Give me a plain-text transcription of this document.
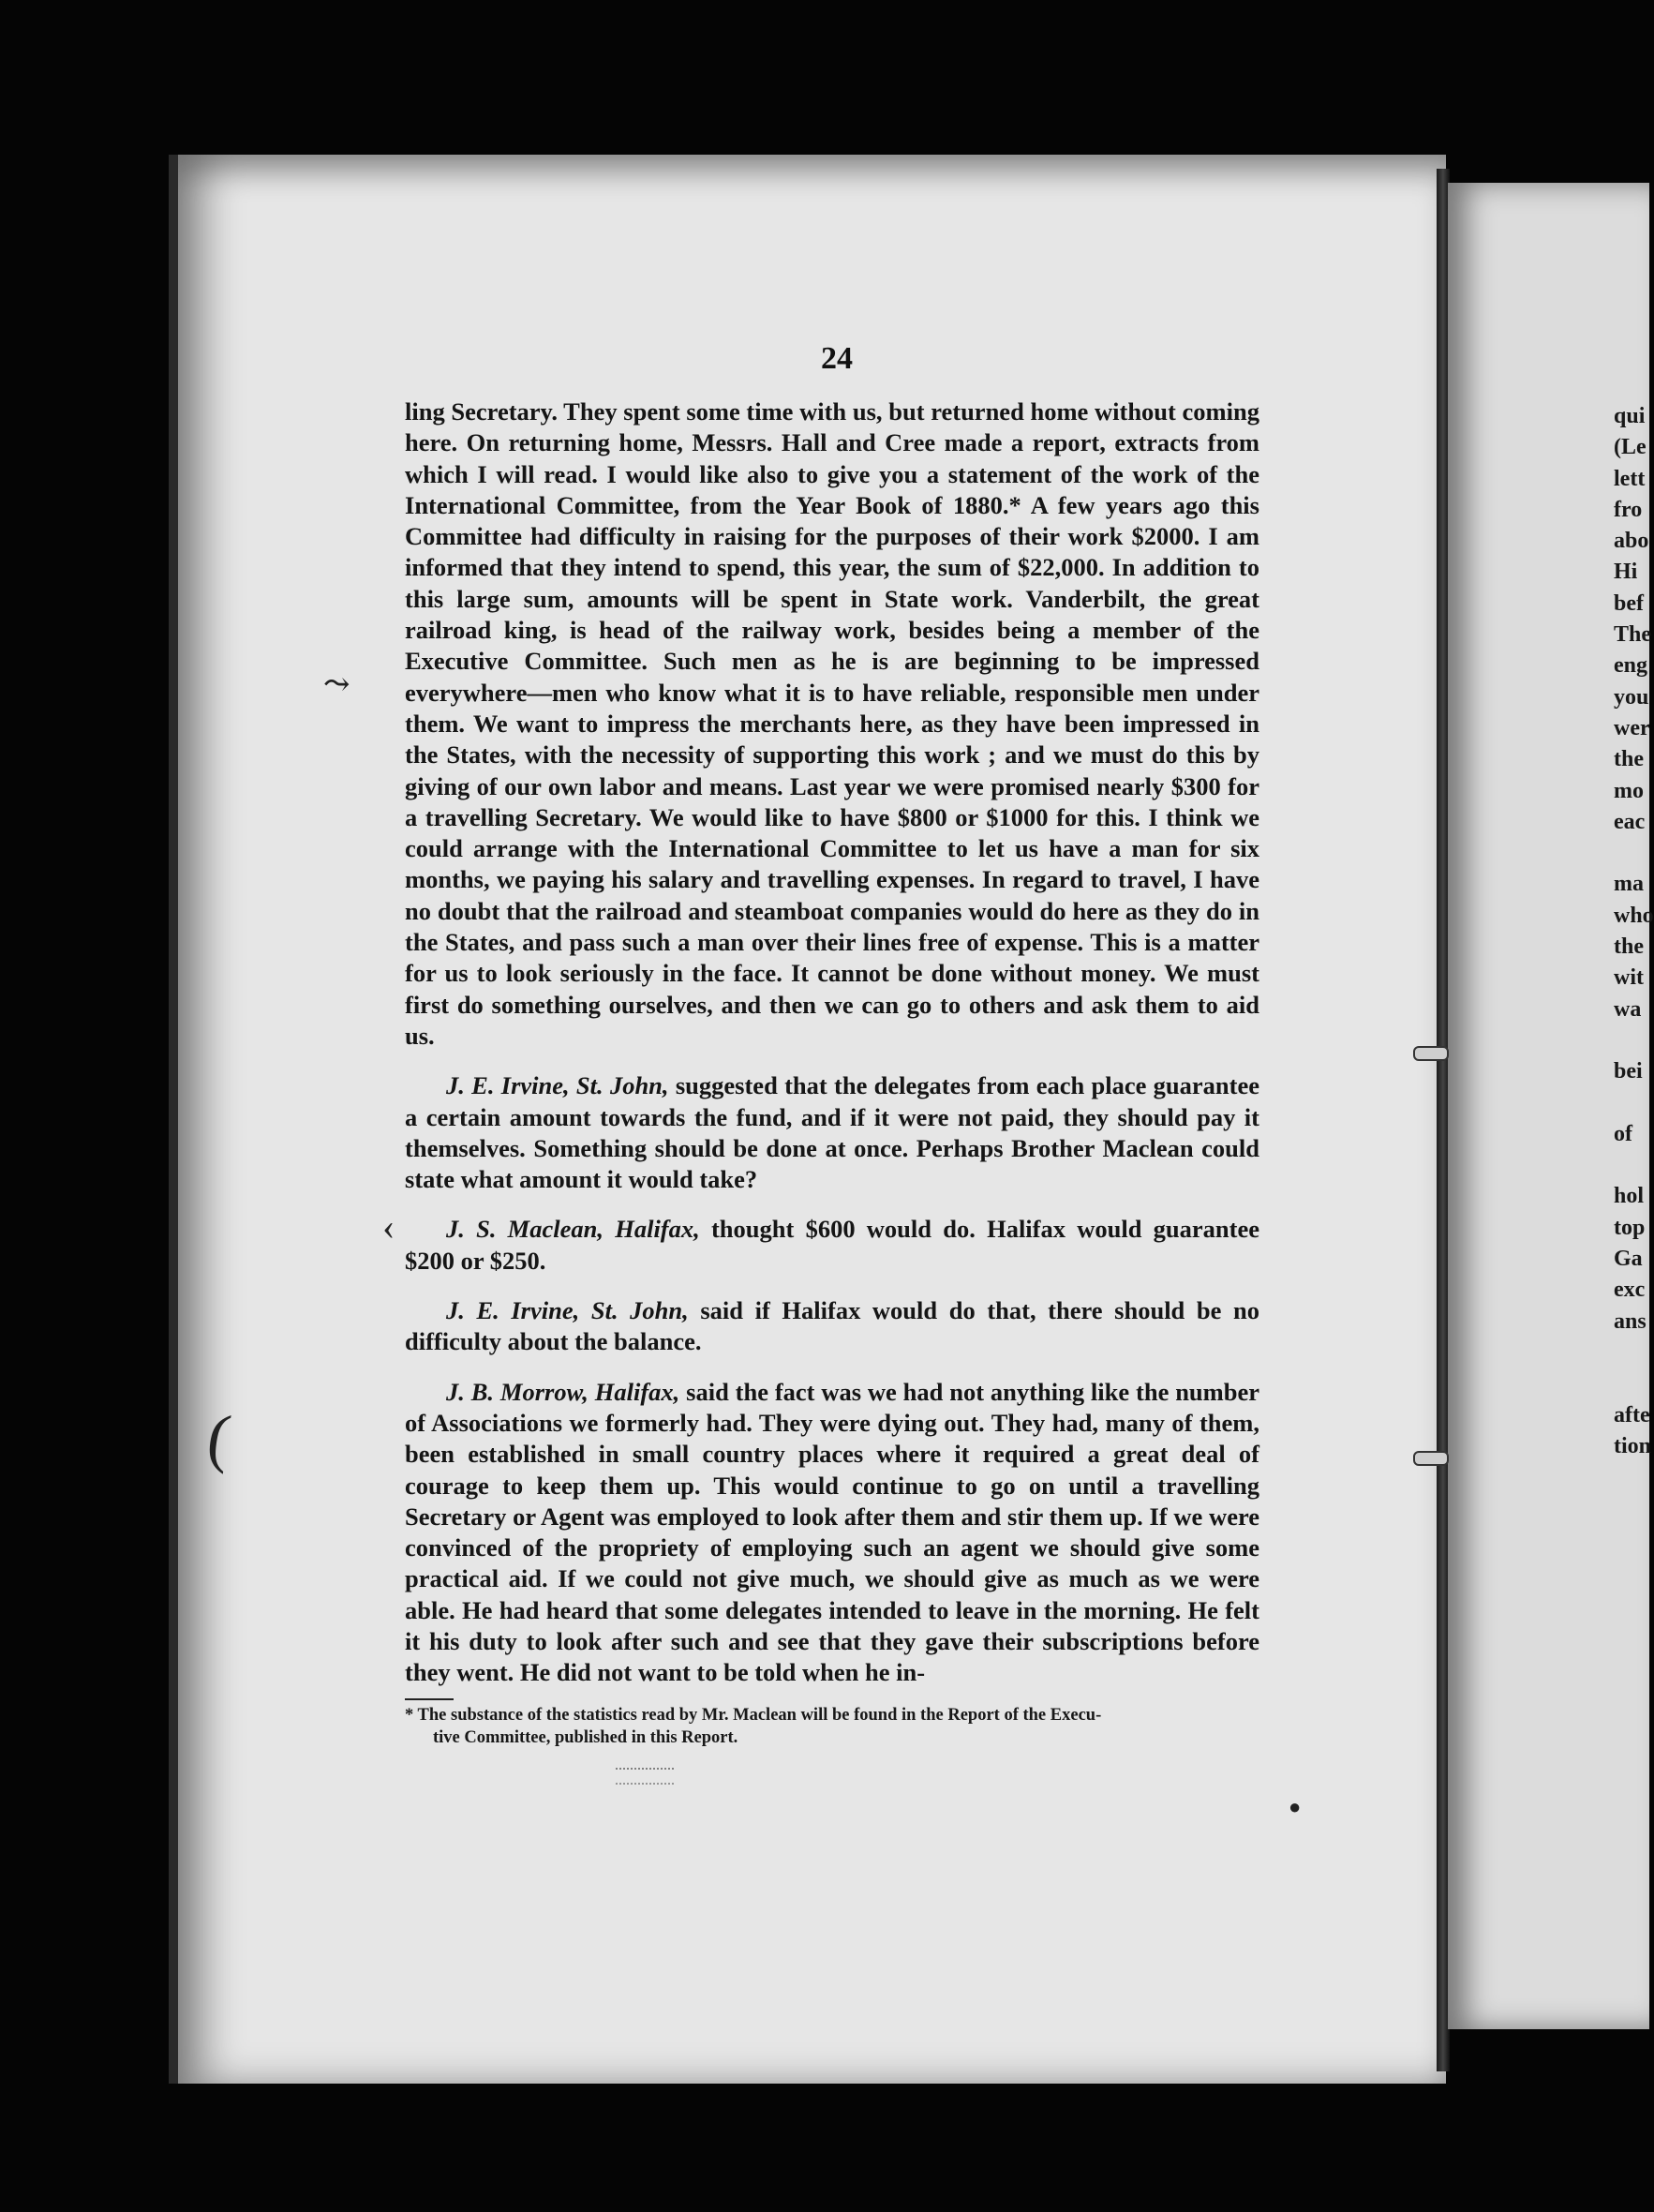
24

ling Secretary. They spent some time with us, but returned home without coming here. On returning home, Messrs. Hall and Cree made a report, extracts from which I will read. I would like also to give you a statement of the work of the International Committee, from the Year Book of 1880.* A few years ago this Committee had difficulty in raising for the purposes of their work $2000. I am informed that they intend to spend, this year, the sum of $22,000. In addition to this large sum, amounts will be spent in State work. Vanderbilt, the great railroad king, is head of the railway work, besides being a member of the Executive Committee. Such men as he is are beginning to be impressed everywhere—men who know what it is to have reliable, responsible men under them. We want to impress the merchants here, as they have been impressed in the States, with the necessity of supporting this work ; and we must do this by giving of our own labor and means. Last year we were promised nearly $300 for a travelling Secretary. We would like to have $800 or $1000 for this. I think we could arrange with the International Committee to let us have a man for six months, we paying his salary and travelling expenses. In regard to travel, I have no doubt that the railroad and steamboat companies would do here as they do in the States, and pass such a man over their lines free of expense. This is a matter for us to look seriously in the face. It cannot be done without money. We must first do something ourselves, and then we can go to others and ask them to aid us.

J. E. Irvine, St. John, suggested that the delegates from each place guarantee a certain amount towards the fund, and if it were not paid, they should pay it themselves. Something should be done at once. Perhaps Brother Maclean could state what amount it would take?

J. S. Maclean, Halifax, thought $600 would do. Halifax would guarantee $200 or $250.

J. E. Irvine, St. John, said if Halifax would do that, there should be no difficulty about the balance.

J. B. Morrow, Halifax, said the fact was we had not anything like the number of Associations we formerly had. They were dying out. They had, many of them, been established in small country places where it required a great deal of courage to keep them up. This would continue to go on until a travelling Secretary or Agent was employed to look after them and stir them up. If we were convinced of the propriety of employing such an agent we should give some practical aid. If we could not give much, we should give as much as we were able. He had heard that some delegates intended to leave in the morning. He felt it his duty to look after such and see that they gave their subscriptions before they went. He did not want to be told when he in-

* The substance of the statistics read by Mr. Maclean will be found in the Report of the Execu-
tive Committee, published in this Report.
qui
(Le
lett
fro
abo
Hi
bef
The
eng
you
wer
the
mo
eac
ma
who
the
wit
wa
bei
of
hol
top
Ga
exc
ans
afte
tion
⤳
‹
(
●
